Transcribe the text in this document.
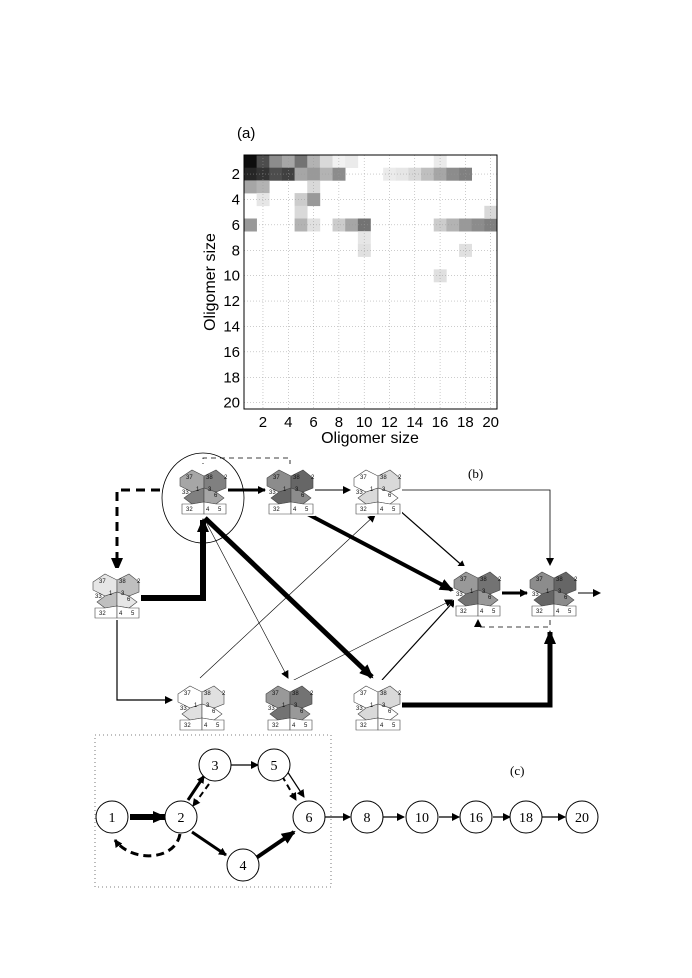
(a)
2 4 6 8 10 12 14 16 18 20
2
4
6
8
10
12
14
16
18
20
Oligomer size
Oligomer size
(b)
37 38 2
33 1
6
32 4 5
3
37 38 2
33 1
6
32 4 5
3
37 38 2
33 1
6
32 4 5
3
37 38 2
33 1
6
32 4 5
3
37 38 2
33 1
6
32 4 5
3
37 38 2
33 1
6
32 4 5
3
37 38 2
33 1
6
32 4 5
3
37 38 2
33 1
6
32 4 5
3
37 38 2
33 1
6
32 4 5
3
(c)
1	2
3
4
5
6	8	10	16	18	20
